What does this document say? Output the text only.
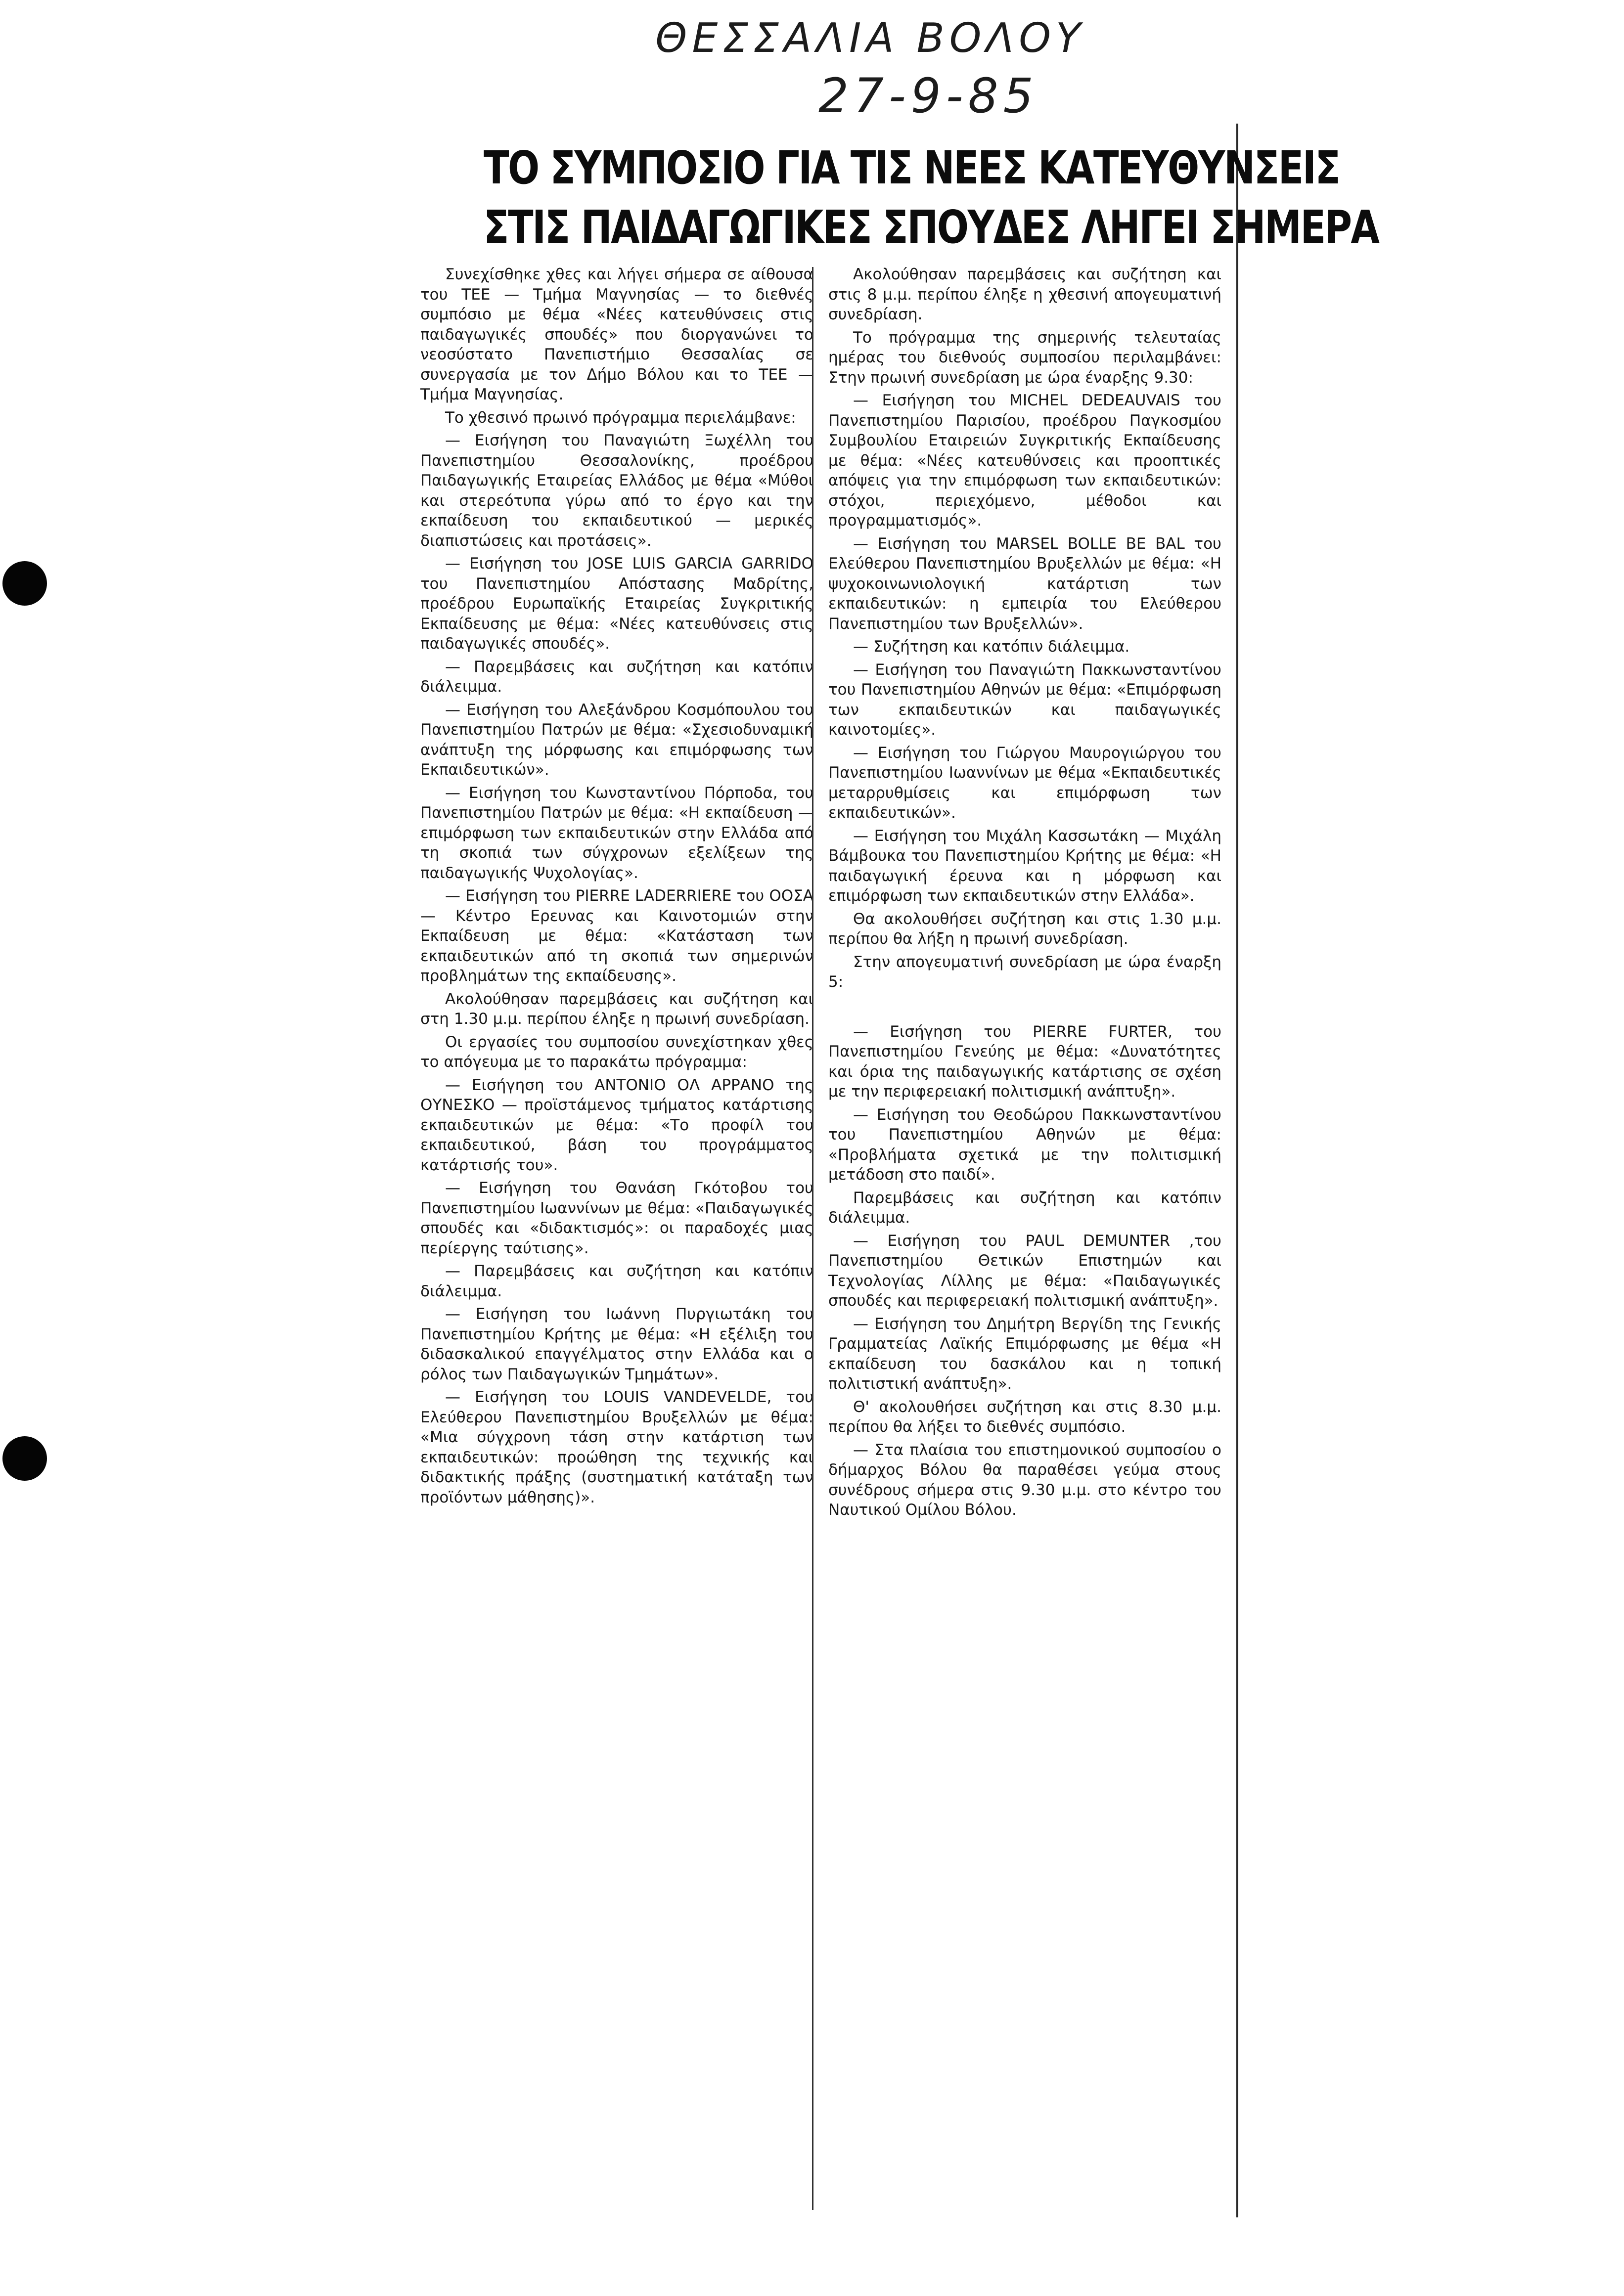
ΘΕΣΣΑΛΙΑ ΒΟΛΟΥ
27-9-85
ΤΟ ΣΥΜΠΟΣΙΟ ΓΙΑ ΤΙΣ ΝΕΕΣ ΚΑΤΕΥΘΥΝΣΕΙΣ
ΣΤΙΣ ΠΑΙΔΑΓΩΓΙΚΕΣ ΣΠΟΥΔΕΣ ΛΗΓΕΙ ΣΗΜΕΡΑ

Συνεχίσθηκε χθες και λήγει σήμερα σε αίθουσα του ΤΕΕ — Τμήμα Μαγνησίας — το διεθνές συμπόσιο με θέμα «Νέες κατευθύνσεις στις παιδαγωγικές σπουδές» που διοργανώνει το νεοσύστατο Πανεπιστήμιο Θεσσαλίας σε συνεργασία με τον Δήμο Βόλου και το ΤΕΕ — Τμήμα Μαγνησίας.

Το χθεσινό πρωινό πρόγραμμα περιελάμβανε:

— Εισήγηση του Παναγιώτη Ξωχέλλη του Πανεπιστημίου Θεσσαλονίκης, προέδρου Παιδαγωγικής Εταιρείας Ελλάδος με θέμα «Μύθοι και στερεότυπα γύρω από το έργο και την εκπαίδευση του εκπαιδευτικού — μερικές διαπιστώσεις και προτάσεις».

— Εισήγηση του JOSE LUIS GARCIA GARRIDO του Πανεπιστημίου Απόστασης Μαδρίτης, προέδρου Ευρωπαϊκής Εταιρείας Συγκριτικής Εκπαίδευσης με θέμα: «Νέες κατευθύνσεις στις παιδαγωγικές σπουδές».

— Παρεμβάσεις και συζήτηση και κατόπιν διάλειμμα.

— Εισήγηση του Αλεξάνδρου Κοσμόπουλου του Πανεπιστημίου Πατρών με θέμα: «Σχεσιοδυναμική ανάπτυξη της μόρφωσης και επιμόρφωσης των Εκπαιδευτικών».

— Εισήγηση του Κωνσταντίνου Πόρποδα, του Πανεπιστημίου Πατρών με θέμα: «Η εκπαίδευση — επιμόρφωση των εκπαιδευτικών στην Ελλάδα από τη σκοπιά των σύγχρονων εξελίξεων της παιδαγωγικής Ψυχολογίας».

— Εισήγηση του PIERRE LADERRIERE του ΟΟΣΑ— Κέντρο Ερευνας και Καινοτομιών στην Εκπαίδευση με θέμα: «Κατάσταση των εκπαιδευτικών από τη σκοπιά των σημερινών προβλημάτων της εκπαίδευσης».

Ακολούθησαν παρεμβάσεις και συζήτηση και στη 1.30 μ.μ. περίπου έληξε η πρωινή συνεδρίαση.

Οι εργασίες του συμποσίου συνεχίστηκαν χθες το απόγευμα με το παρακάτω πρόγραμμα:

— Εισήγηση του ΑΝΤΟΝΙΟ ΟΛ ΑΡΡΑΝΟ της ΟΥΝΕΣΚΟ — προϊστάμενος τμήματος κατάρτισης εκπαιδευτικών με θέμα: «Το προφίλ του εκπαιδευτικού, βάση του προγράμματος κατάρτισής του».

— Εισήγηση του Θανάση Γκότοβου του Πανεπιστημίου Ιωαννίνων με θέμα: «Παιδαγωγικές σπουδές και «διδακτισμός»: οι παραδοχές μιας περίεργης ταύτισης».

— Παρεμβάσεις και συζήτηση και κατόπιν διάλειμμα.

— Εισήγηση του Ιωάννη Πυργιωτάκη του Πανεπιστημίου Κρήτης με θέμα: «Η εξέλιξη του διδασκαλικού επαγγέλματος στην Ελλάδα και ο ρόλος των Παιδαγωγικών Τμημάτων».

— Εισήγηση του LOUIS VANDEVELDE, του Ελεύθερου Πανεπιστημίου Βρυξελλών με θέμα: «Μια σύγχρονη τάση στην κατάρτιση των εκπαιδευτικών: προώθηση της τεχνικής και διδακτικής πράξης (συστηματική κατάταξη των προϊόντων μάθησης)».

Ακολούθησαν παρεμβάσεις και συζήτηση και στις 8 μ.μ. περίπου έληξε η χθεσινή απογευματινή συνεδρίαση.

Το πρόγραμμα της σημερινής τελευταίας ημέρας του διεθνούς συμποσίου περιλαμβάνει: Στην πρωινή συνεδρίαση με ώρα έναρξης 9.30:

— Εισήγηση του MICHEL DEDEAUVAIS του Πανεπιστημίου Παρισίου, προέδρου Παγκοσμίου Συμβουλίου Εταιρειών Συγκριτικής Εκπαίδευσης με θέμα: «Νέες κατευθύνσεις και προοπτικές απόψεις για την επιμόρφωση των εκπαιδευτικών: στόχοι, περιεχόμενο, μέθοδοι και προγραμματισμός».

— Εισήγηση του MARSEL BOLLE BE BAL του Ελεύθερου Πανεπιστημίου Βρυξελλών με θέμα: «Η ψυχοκοινωνιολογική κατάρτιση των εκπαιδευτικών: η εμπειρία του Ελεύθερου Πανεπιστημίου των Βρυξελλών».

— Συζήτηση και κατόπιν διάλειμμα.

— Εισήγηση του Παναγιώτη Πακκωνσταντίνου του Πανεπιστημίου Αθηνών με θέμα: «Επιμόρφωση των εκπαιδευτικών και παιδαγωγικές καινοτομίες».

— Εισήγηση του Γιώργου Μαυρογιώργου του Πανεπιστημίου Ιωαννίνων με θέμα «Εκπαιδευτικές μεταρρυθμίσεις και επιμόρφωση των εκπαιδευτικών».

— Εισήγηση του Μιχάλη Κασσωτάκη — Μιχάλη Βάμβουκα του Πανεπιστημίου Κρήτης με θέμα: «Η παιδαγωγική έρευνα και η μόρφωση και επιμόρφωση των εκπαιδευτικών στην Ελλάδα».

Θα ακολουθήσει συζήτηση και στις 1.30 μ.μ. περίπου θα λήξη η πρωινή συνεδρίαση.

Στην απογευματινή συνεδρίαση με ώρα έναρξη 5:

— Εισήγηση του PIERRE FURTER, του Πανεπιστημίου Γενεύης με θέμα: «Δυνατότητες και όρια της παιδαγωγικής κατάρτισης σε σχέση με την περιφερειακή πολιτισμική ανάπτυξη».

— Εισήγηση του Θεοδώρου Πακκωνσταντίνου του Πανεπιστημίου Αθηνών με θέμα: «Προβλήματα σχετικά με την πολιτισμική μετάδοση στο παιδί».

Παρεμβάσεις και συζήτηση και κατόπιν διάλειμμα.

— Εισήγηση του PAUL DEMUNTER ,του Πανεπιστημίου Θετικών Επιστημών και Τεχνολογίας Λίλλης με θέμα: «Παιδαγωγικές σπουδές και περιφερειακή πολιτισμική ανάπτυξη».

— Εισήγηση του Δημήτρη Βεργίδη της Γενικής Γραμματείας Λαϊκής Επιμόρφωσης με θέμα «Η εκπαίδευση του δασκάλου και η τοπική πολιτιστική ανάπτυξη».

Θ' ακολουθήσει συζήτηση και στις 8.30 μ.μ. περίπου θα λήξει το διεθνές συμπόσιο.

— Στα πλαίσια του επιστημονικού συμποσίου ο δήμαρχος Βόλου θα παραθέσει γεύμα στους συνέδρους σήμερα στις 9.30 μ.μ. στο κέντρο του Ναυτικού Ομίλου Βόλου.
